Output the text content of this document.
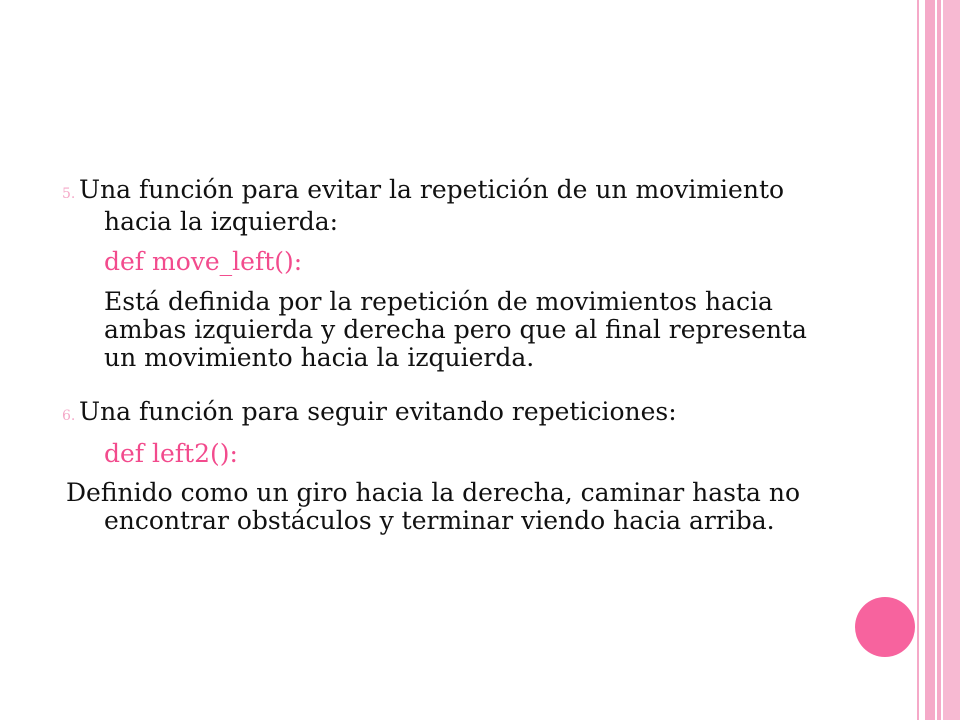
5. Una función para evitar la repetición de un movimiento hacia la izquierda:

def move_left():

Está definida por la repetición de movimientos hacia ambas izquierda y derecha pero que al final representa un movimiento hacia la izquierda.

6. Una función para seguir evitando repeticiones:

def left2():

Definido como un giro hacia la derecha, caminar hasta no encontrar obstáculos y terminar viendo hacia arriba.
